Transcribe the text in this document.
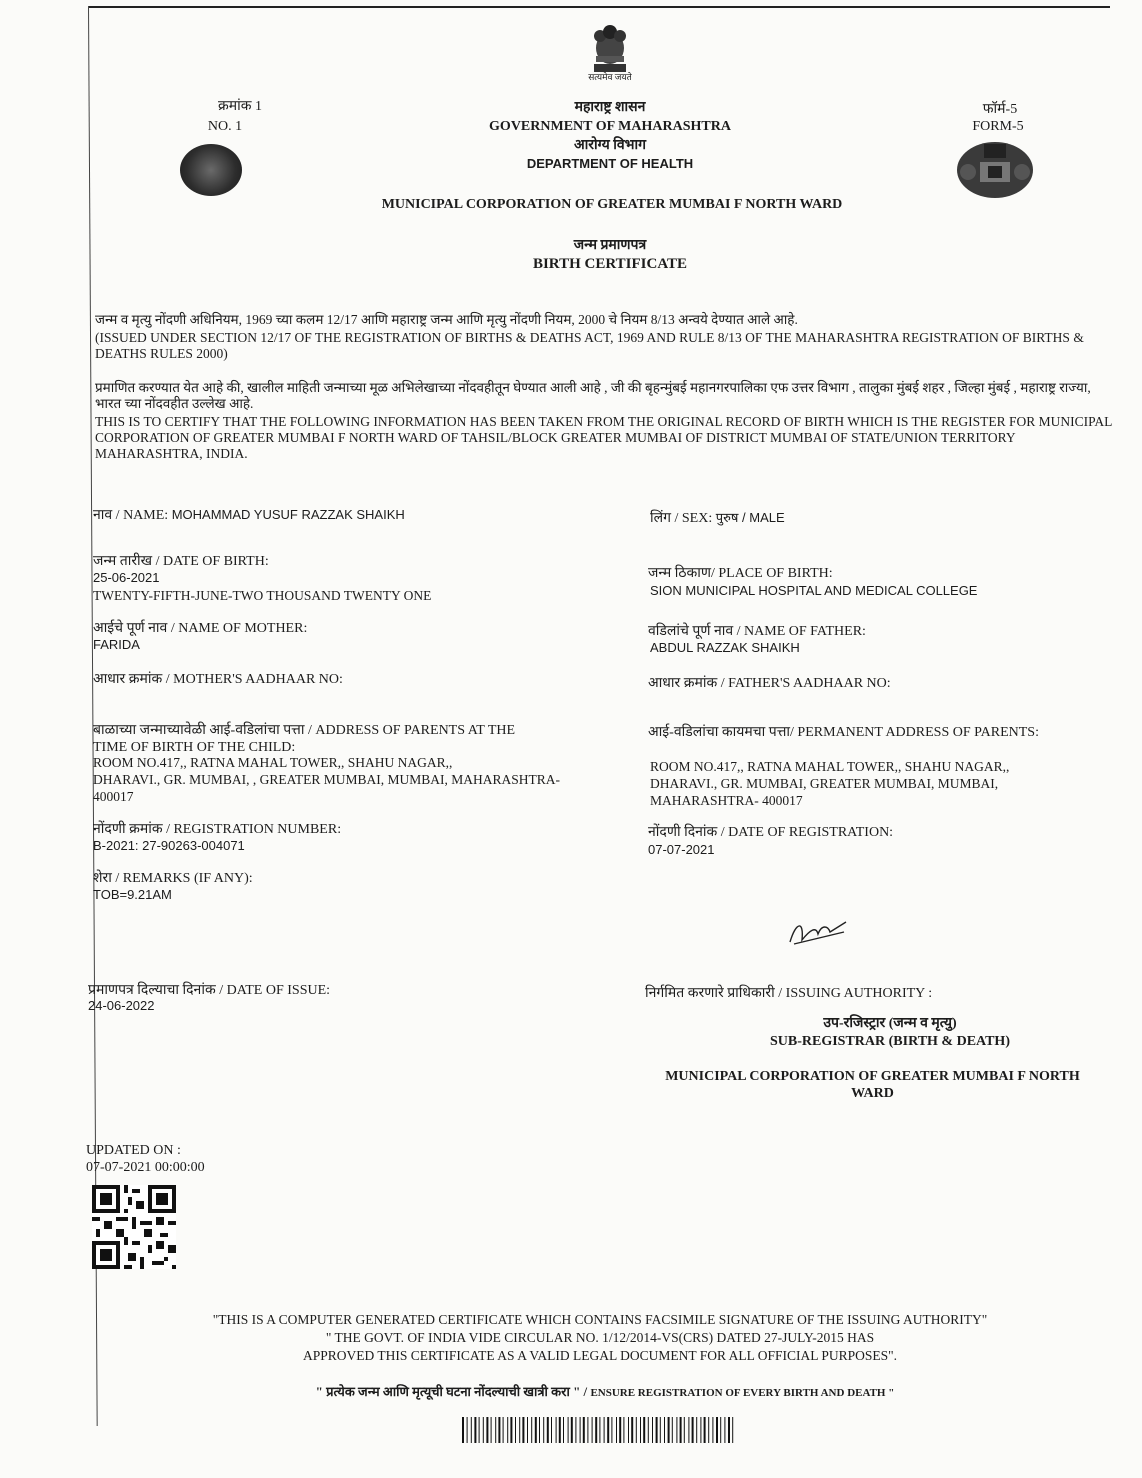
सत्यमेव जयते
क्रमांक 1
NO. 1
फॉर्म-5
FORM-5
महाराष्ट्र शासन
GOVERNMENT OF MAHARASHTRA
आरोग्य विभाग
DEPARTMENT OF HEALTH
MUNICIPAL CORPORATION OF GREATER MUMBAI F NORTH WARD
जन्म प्रमाणपत्र
BIRTH CERTIFICATE
जन्म व मृत्यु नोंदणी अधिनियम, 1969 च्या कलम 12/17 आणि महाराष्ट्र जन्म आणि मृत्यु नोंदणी नियम, 2000 चे नियम 8/13 अन्वये देण्यात आले आहे.
(ISSUED UNDER SECTION 12/17 OF THE REGISTRATION OF BIRTHS & DEATHS ACT, 1969 AND RULE 8/13 OF THE MAHARASHTRA REGISTRATION OF BIRTHS & DEATHS RULES 2000)
प्रमाणित करण्यात येत आहे की, खालील माहिती जन्माच्या मूळ अभिलेखाच्या नोंदवहीतून घेण्यात आली आहे , जी की बृहन्मुंबई महानगरपालिका एफ उत्तर विभाग , तालुका मुंबई शहर , जिल्हा मुंबई , महाराष्ट्र राज्या, भारत च्या नोंदवहीत उल्लेख आहे.
THIS IS TO CERTIFY THAT THE FOLLOWING INFORMATION HAS BEEN TAKEN FROM THE ORIGINAL RECORD OF BIRTH WHICH IS THE REGISTER FOR MUNICIPAL CORPORATION OF GREATER MUMBAI F NORTH WARD OF TAHSIL/BLOCK GREATER MUMBAI OF DISTRICT MUMBAI OF STATE/UNION TERRITORY MAHARASHTRA, INDIA.
नाव / NAME: MOHAMMAD YUSUF RAZZAK SHAIKH	लिंग / SEX: पुरुष / MALE
जन्म तारीख / DATE OF BIRTH:
25-06-2021
TWENTY-FIFTH-JUNE-TWO THOUSAND TWENTY ONE
जन्म ठिकाण/ PLACE OF BIRTH:
SION MUNICIPAL HOSPITAL AND MEDICAL COLLEGE
आईचे पूर्ण नाव / NAME OF MOTHER:
FARIDA
वडिलांचे पूर्ण नाव / NAME OF FATHER:
ABDUL RAZZAK SHAIKH
आधार क्रमांक / MOTHER'S AADHAAR NO:	आधार क्रमांक / FATHER'S AADHAAR NO:
बाळाच्या जन्माच्यावेळी आई-वडिलांचा पत्ता / ADDRESS OF PARENTS AT THE
TIME OF BIRTH OF THE CHILD:
ROOM NO.417,, RATNA MAHAL TOWER,, SHAHU NAGAR,,
DHARAVI., GR. MUMBAI, , GREATER MUMBAI, MUMBAI, MAHARASHTRA-
400017
आई-वडिलांचा कायमचा पत्ता/ PERMANENT ADDRESS OF PARENTS:
ROOM NO.417,, RATNA MAHAL TOWER,, SHAHU NAGAR,,
DHARAVI., GR. MUMBAI, GREATER MUMBAI, MUMBAI,
MAHARASHTRA- 400017
नोंदणी क्रमांक / REGISTRATION NUMBER:
B-2021: 27-90263-004071
नोंदणी दिनांक / DATE OF REGISTRATION:
07-07-2021
शेरा / REMARKS (IF ANY):
TOB=9.21AM
प्रमाणपत्र दिल्याचा दिनांक / DATE OF ISSUE:
24-06-2022
निर्गमित करणारे प्राधिकारी / ISSUING AUTHORITY :
उप-रजिस्ट्रार (जन्म व मृत्यु)
SUB-REGISTRAR (BIRTH & DEATH)
MUNICIPAL CORPORATION OF GREATER MUMBAI F NORTH
WARD
UPDATED ON :
07-07-2021 00:00:00
"THIS IS A COMPUTER GENERATED CERTIFICATE WHICH CONTAINS FACSIMILE SIGNATURE OF THE ISSUING AUTHORITY"
" THE GOVT. OF INDIA VIDE CIRCULAR NO. 1/12/2014-VS(CRS) DATED 27-JULY-2015 HAS
APPROVED THIS CERTIFICATE AS A VALID LEGAL DOCUMENT FOR ALL OFFICIAL PURPOSES".
" प्रत्येक जन्म आणि मृत्यूची घटना नोंदल्याची खात्री करा " / ENSURE REGISTRATION OF EVERY BIRTH AND DEATH "
